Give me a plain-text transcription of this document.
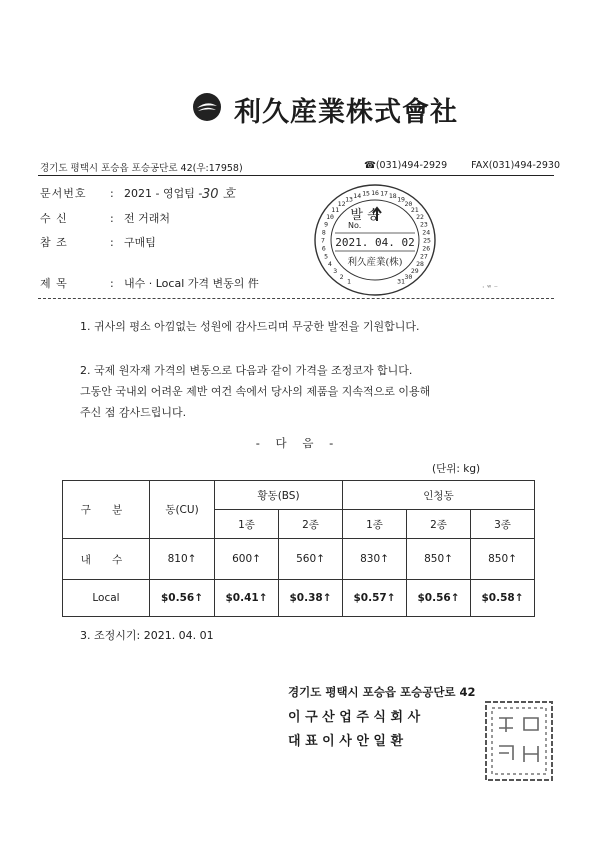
利久産業株式會社
경기도 평택시 포승읍 포승공단로 42(우:17958)	☎(031)494-2929	FAX(031)494-2930
문서번호 : 2021 - 영업팀 - 30 호
수 신	: 전 거래처
참 조	: 구매팀
제 목	: 내수 · Local 가격 변동의 件	· ʷ ⁻
1
2
3
4
5
6
7
8
9
10
11
12
13 14 15 16 17 18 19
20
21
22
23
24
25
26
27
28
29
30
31
발 송
No.
2021. 04. 02
利久産業(株)
1. 귀사의 평소 아낌없는 성원에 감사드리며 무궁한 발전을 기원합니다.
2. 국제 원자재 가격의 변동으로 다음과 같이 가격을 조정코자 합니다.
그동안 국내외 어려운 제반 여건 속에서 당사의 제품을 지속적으로 이용해
주신 점 감사드립니다.
- 다 음 -
(단위: kg)
구 분	동(CU)	황동(BS)		인청동		
		1종	2종	1종	2종	3종
내 수	810↑	600↑	560↑	830↑	850↑	850↑
Local	$0.56↑	$0.41↑	$0.38↑	$0.57↑	$0.56↑	$0.58↑
3. 조정시기: 2021. 04. 01
경기도 평택시 포승읍 포승공단로 42
이 구 산 업 주 식 회 사
대 표 이 사 안 일 환
